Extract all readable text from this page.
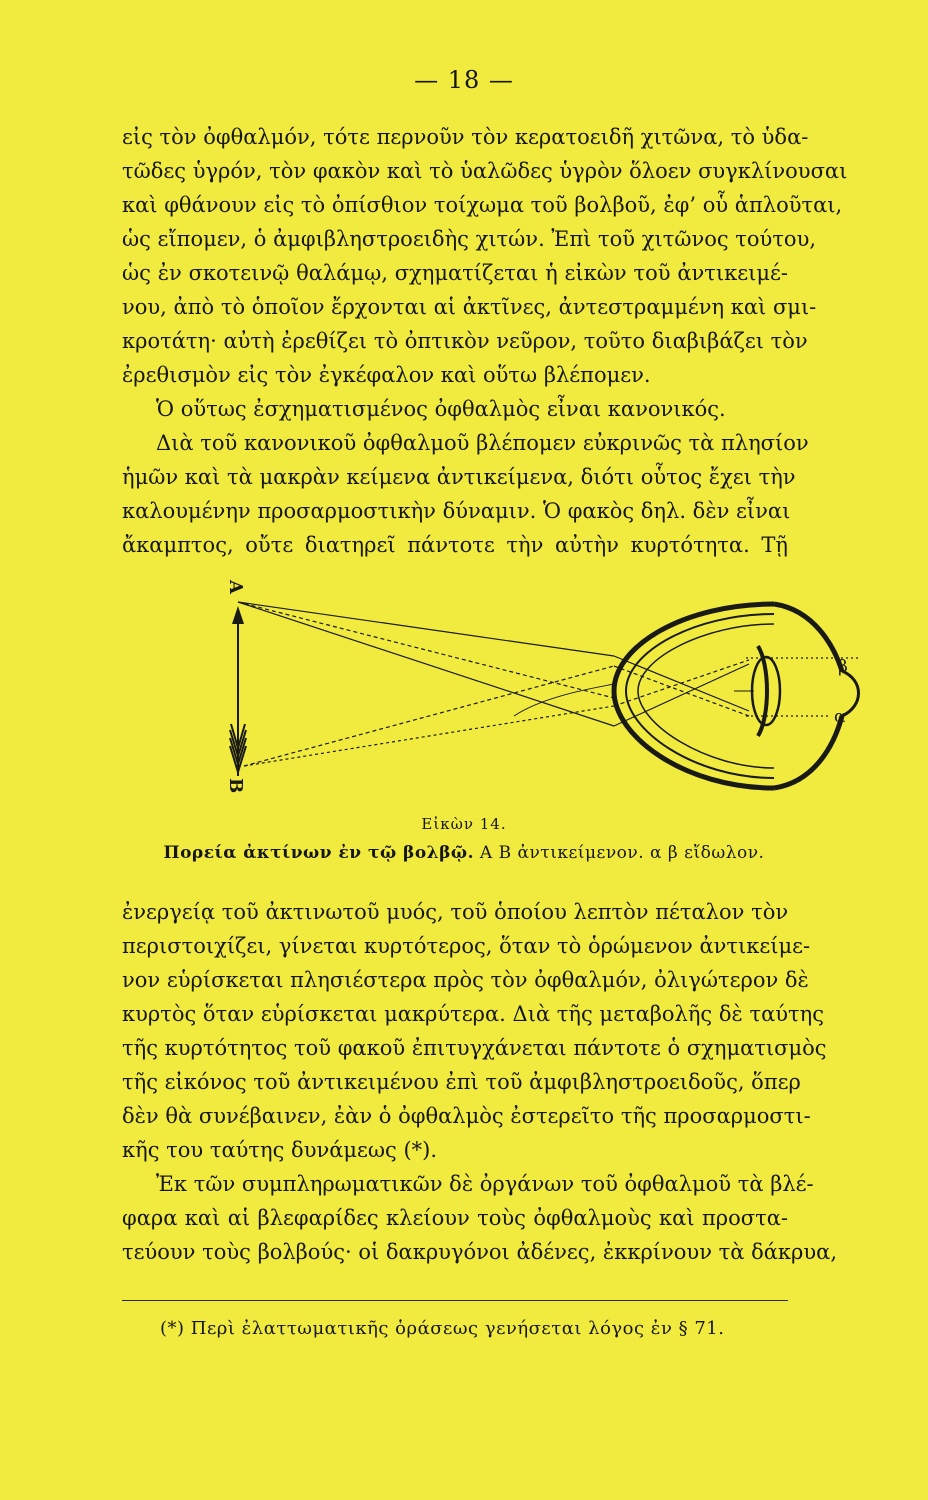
— 18 —
εἰς τὸν ὀφθαλμόν, τότε περνοῦν τὸν κερατοειδῆ χιτῶνα, τὸ ὑδα-
τῶδες ὑγρόν, τὸν φακὸν καὶ τὸ ὑαλῶδες ὑγρὸν ὅλοεν συγκλίνουσαι
καὶ φθάνουν εἰς τὸ ὀπίσθιον τοίχωμα τοῦ βολβοῦ, ἐφ’ οὗ ἁπλοῦται,
ὡς εἴπομεν, ὁ ἀμφιβληστροειδὴς χιτών. Ἐπὶ τοῦ χιτῶνος τούτου,
ὡς ἐν σκοτεινῷ θαλάμῳ, σχηματίζεται ἡ εἰκὼν τοῦ ἀντικειμέ-
νου, ἀπὸ τὸ ὁποῖον ἔρχονται αἱ ἀκτῖνες, ἀντεστραμμένη καὶ σμι-
κροτάτη· αὐτὴ ἐρεθίζει τὸ ὀπτικὸν νεῦρον, τοῦτο διαβιβάζει τὸν
ἐρεθισμὸν εἰς τὸν ἐγκέφαλον καὶ οὕτω βλέπομεν.
Ὁ οὕτως ἐσχηματισμένος ὀφθαλμὸς εἶναι κανονικός.
Διὰ τοῦ κανονικοῦ ὀφθαλμοῦ βλέπομεν εὐκρινῶς τὰ πλησίον
ἡμῶν καὶ τὰ μακρὰν κείμενα ἀντικείμενα, διότι οὗτος ἔχει τὴν
καλουμένην προσαρμοστικὴν δύναμιν. Ὁ φακὸς δηλ. δὲν εἶναι
ἄκαμπτος, οὔτε διατηρεῖ πάντοτε τὴν αὐτὴν κυρτότητα. Τῇ
Α
Β
β
α
Εἰκὼν 14.
Πορεία ἀκτίνων ἐν τῷ βολβῷ. Α Β ἀντικείμενον. α β εἴδωλον.
ἐνεργείᾳ τοῦ ἀκτινωτοῦ μυός, τοῦ ὁποίου λεπτὸν πέταλον τὸν
περιστοιχίζει, γίνεται κυρτότερος, ὅταν τὸ ὁρώμενον ἀντικείμε-
νον εὑρίσκεται πλησιέστερα πρὸς τὸν ὀφθαλμόν, ὀλιγώτερον δὲ
κυρτὸς ὅταν εὑρίσκεται μακρύτερα. Διὰ τῆς μεταβολῆς δὲ ταύτης
τῆς κυρτότητος τοῦ φακοῦ ἐπιτυγχάνεται πάντοτε ὁ σχηματισμὸς
τῆς εἰκόνος τοῦ ἀντικειμένου ἐπὶ τοῦ ἀμφιβληστροειδοῦς, ὅπερ
δὲν θὰ συνέβαινεν, ἐὰν ὁ ὀφθαλμὸς ἐστερεῖτο τῆς προσαρμοστι-
κῆς του ταύτης δυνάμεως (*).
Ἐκ τῶν συμπληρωματικῶν δὲ ὀργάνων τοῦ ὀφθαλμοῦ τὰ βλέ-
φαρα καὶ αἱ βλεφαρίδες κλείουν τοὺς ὀφθαλμοὺς καὶ προστα-
τεύουν τοὺς βολβούς· οἱ δακρυγόνοι ἀδένες, ἐκκρίνουν τὰ δάκρυα,
(*) Περὶ ἐλαττωματικῆς ὁράσεως γενήσεται λόγος ἐν § 71.
